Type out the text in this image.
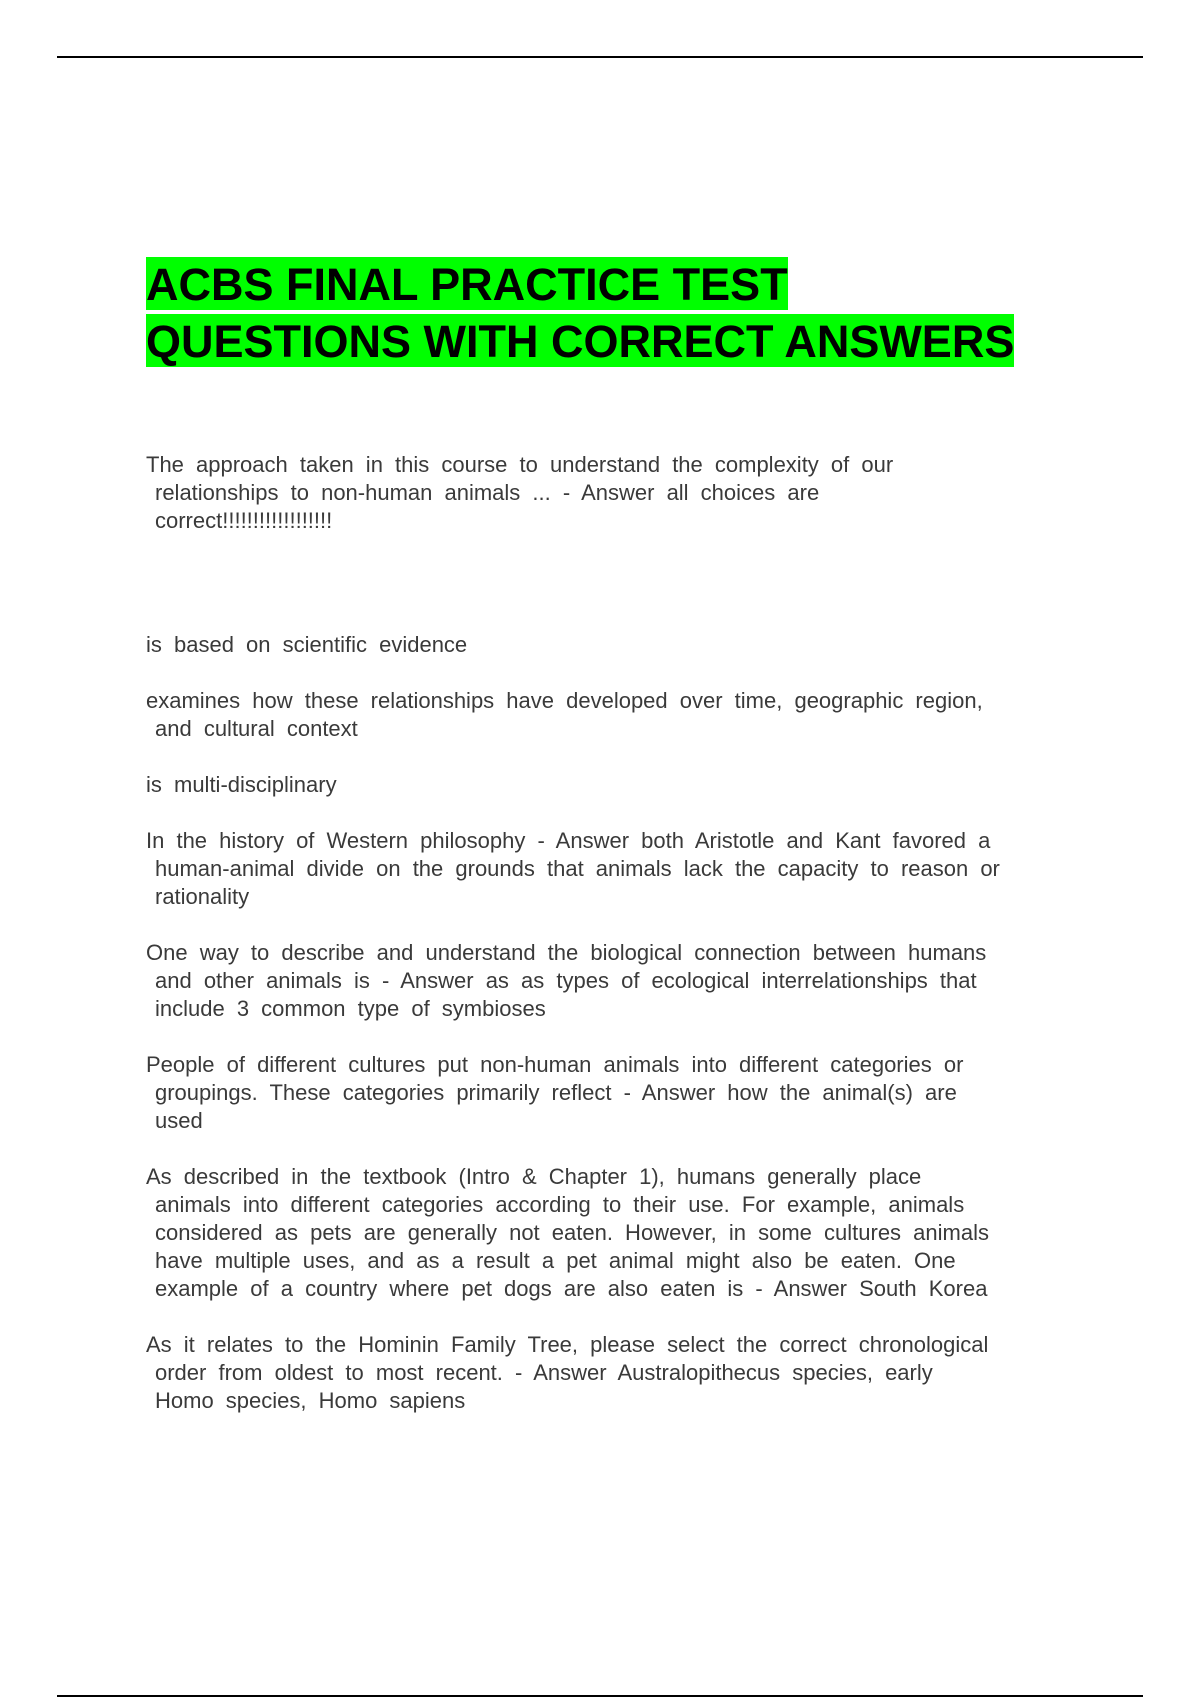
ACBS FINAL PRACTICE TEST
QUESTIONS WITH CORRECT ANSWERS

The approach taken in this course to understand the complexity of our
relationships to non-human animals ... - Answer all choices are
correct!!!!!!!!!!!!!!!!!!

is based on scientific evidence

examines how these relationships have developed over time, geographic region,
and cultural context

is multi-disciplinary

In the history of Western philosophy - Answer both Aristotle and Kant favored a
human-animal divide on the grounds that animals lack the capacity to reason or
rationality

One way to describe and understand the biological connection between humans
and other animals is - Answer as as types of ecological interrelationships that
include 3 common type of symbioses

People of different cultures put non-human animals into different categories or
groupings. These categories primarily reflect - Answer how the animal(s) are
used

As described in the textbook (Intro & Chapter 1), humans generally place
animals into different categories according to their use. For example, animals
considered as pets are generally not eaten. However, in some cultures animals
have multiple uses, and as a result a pet animal might also be eaten. One
example of a country where pet dogs are also eaten is - Answer South Korea

As it relates to the Hominin Family Tree, please select the correct chronological
order from oldest to most recent. - Answer Australopithecus species, early
Homo species, Homo sapiens
